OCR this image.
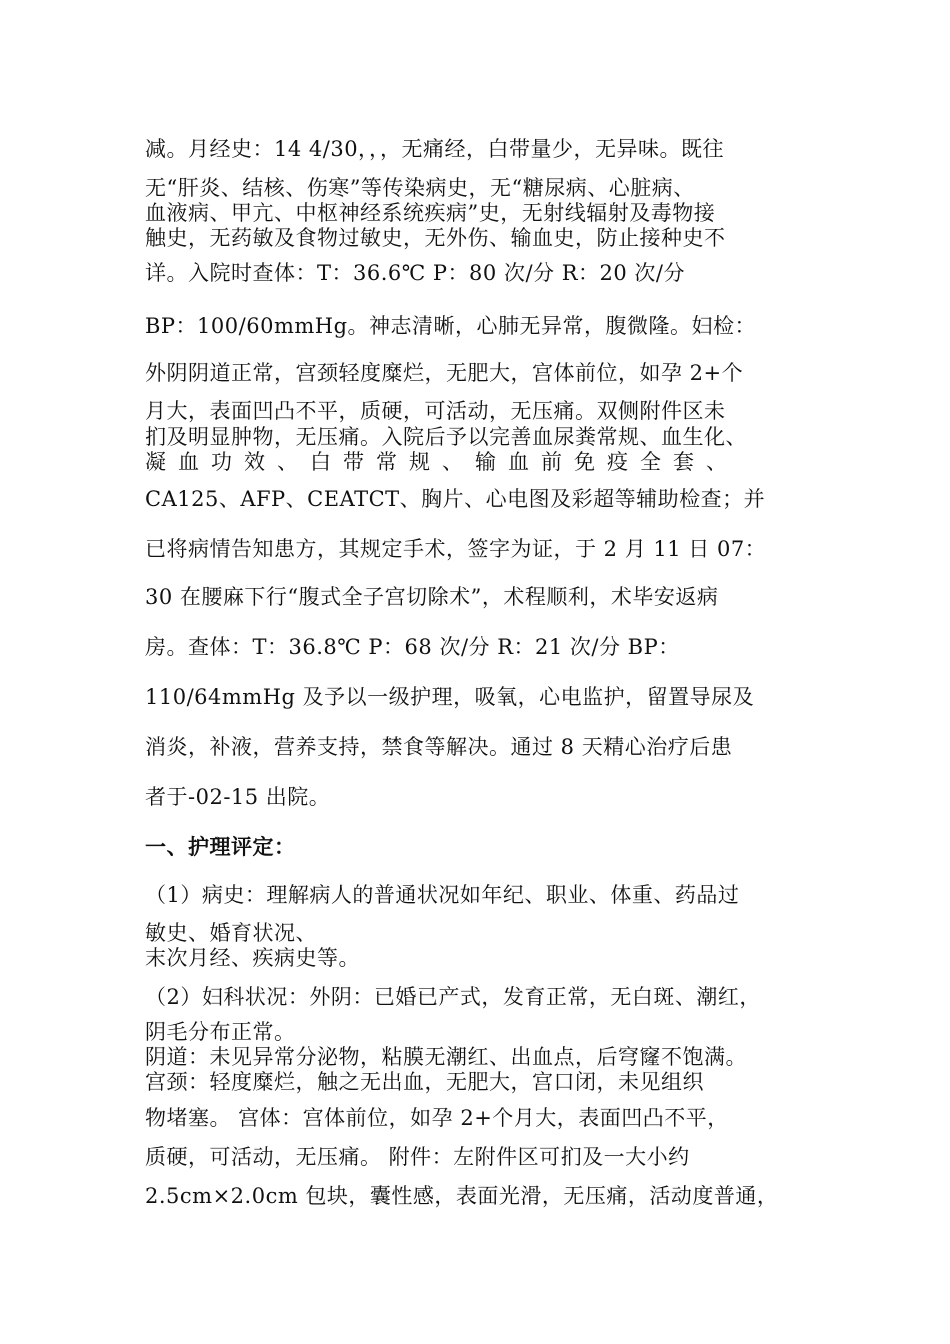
减。月经史：14 4/30，，，无痛经，白带量少，无异味。既往
无“肝炎、结核、伤寒”等传染病史，无“糖尿病、心脏病、
血液病、甲亢、中枢神经系统疾病”史，无射线辐射及毒物接
触史，无药敏及食物过敏史，无外伤、输血史，防止接种史不
详。入院时查体：T：36.6℃ P：80 次/分 R：20 次/分
BP：100/60mmHg。神志清晰，心肺无异常，腹微隆。妇检：
外阴阴道正常，宫颈轻度糜烂，无肥大，宫体前位，如孕 2+个
月大，表面凹凸不平，质硬，可活动，无压痛。双侧附件区未
扪及明显肿物，无压痛。入院后予以完善血尿粪常规、血生化、
凝血功效、白带常规、输血前免疫全套、
CA125、AFP、CEATCT、胸片、心电图及彩超等辅助检查；并
已将病情告知患方，其规定手术，签字为证，于 2 月 11 日 07：
30 在腰麻下行“腹式全子宫切除术”，术程顺利，术毕安返病
房。查体：T：36.8℃ P：68 次/分 R：21 次/分 BP：
110/64mmHg 及予以一级护理，吸氧，心电监护，留置导尿及
消炎，补液，营养支持，禁食等解决。通过 8 天精心治疗后患
者于-02-15 出院。
一、护理评定：
（1）病史：理解病人的普通状况如年纪、职业、体重、药品过
敏史、婚育状况、
末次月经、疾病史等。
（2）妇科状况：外阴：已婚已产式，发育正常，无白斑、潮红，
阴毛分布正常。
阴道：未见异常分泌物，粘膜无潮红、出血点，后穹窿不饱满。
宫颈：轻度糜烂，触之无出血，无肥大，宫口闭，未见组织
物堵塞。 宫体：宫体前位，如孕 2+个月大，表面凹凸不平，
质硬，可活动，无压痛。 附件：左附件区可扪及一大小约
2.5cm×2.0cm 包块，囊性感，表面光滑，无压痛，活动度普通，
